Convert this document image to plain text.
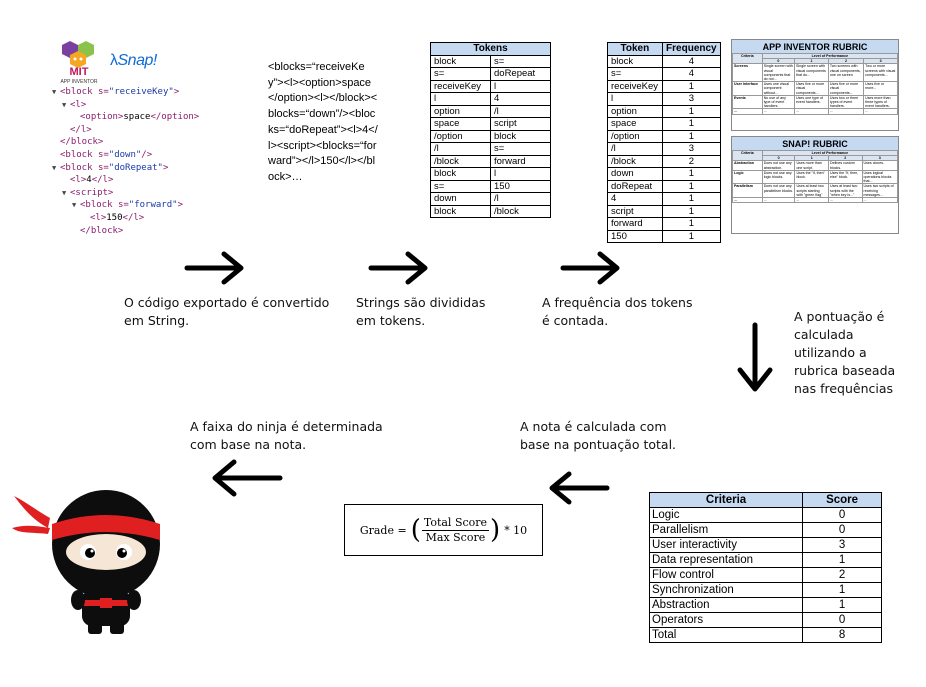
MIT
APP INVENTOR
λSnap!
▼ <block s="receiveKey">
▼ <l>
<option>space</option>
</l>
</block>
<block s="down"/>
▼ <block s="doRepeat">
<l>4</l>
▼ <script>
▼ <block s="forward">
<l>150</l>
</block>
<blocks=“receiveKey”><l><option>space</option><l></block><blocks=“down”/><blocks=“doRepeat”><l>4</l><script><blocks=“forward”></l>150</l></block>…
Tokens	
block	s=
s=	doRepeat
receiveKey	l
l	4
option	/l
space	script
/option	block
/l	s=
/block	forward
block	l
s=	150
down	/l
block	/block
Token	Frequency
block	4
s=	4
receiveKey	1
l	3
option	1
space	1
/option	1
/l	3
/block	2
down	1
doRepeat	1
4	1
script	1
forward	1
150	1
APP INVENTOR RUBRIC
Criteria	Level of Performance			
	0	1	2	3
Screens	Single screen with visual components that do not...	Single screen with visual components that do...	Two screens with visual components, one on screen	Two or more screens with visual components...
User Interface	Uses one visual component without...	Uses five or more visual components...	Uses five or more visual components...	Uses five or more...
Events	No use of any type of event handlers.	Uses one type of event handlers.	Uses two or three types of event handlers.	Uses more than three types of event handlers.
...	...	...	...	...
SNAP! RUBRIC
Criteria	Level of Performance			
	0	1	2	3
Abstraction	Does not use any abstraction.	Uses more than one script.	Defines custom blocks.	Uses clones.
Logic	Does not use any logic blocks.	Uses the "if, then" block.	Uses the "if, then, else" block.	Uses logical operations blocks that...
Parallelism	Does not use any parallelism blocks.	Uses at least two scripts starting with "green flag"	Uses at least two scripts with the "when key is..."	Uses two scripts of receiving messages...
...	...	...	...	...
O código exportado é convertido em String.
Strings são divididas em tokens.
A frequência dos tokens é contada.	A pontuação é calculada utilizando a rubrica baseada nas frequências
A nota é calculada com base na pontuação total.
A faixa do ninja é determinada com base na nota.
Grade = ( $\frac{\text{Total Score}}{\text{Max Score}}$ ) * 10
Criteria	Score
Logic	0
Parallelism	0
User interactivity	3
Data representation	1
Flow control	2
Synchronization	1
Abstraction	1
Operators	0
Total	8
